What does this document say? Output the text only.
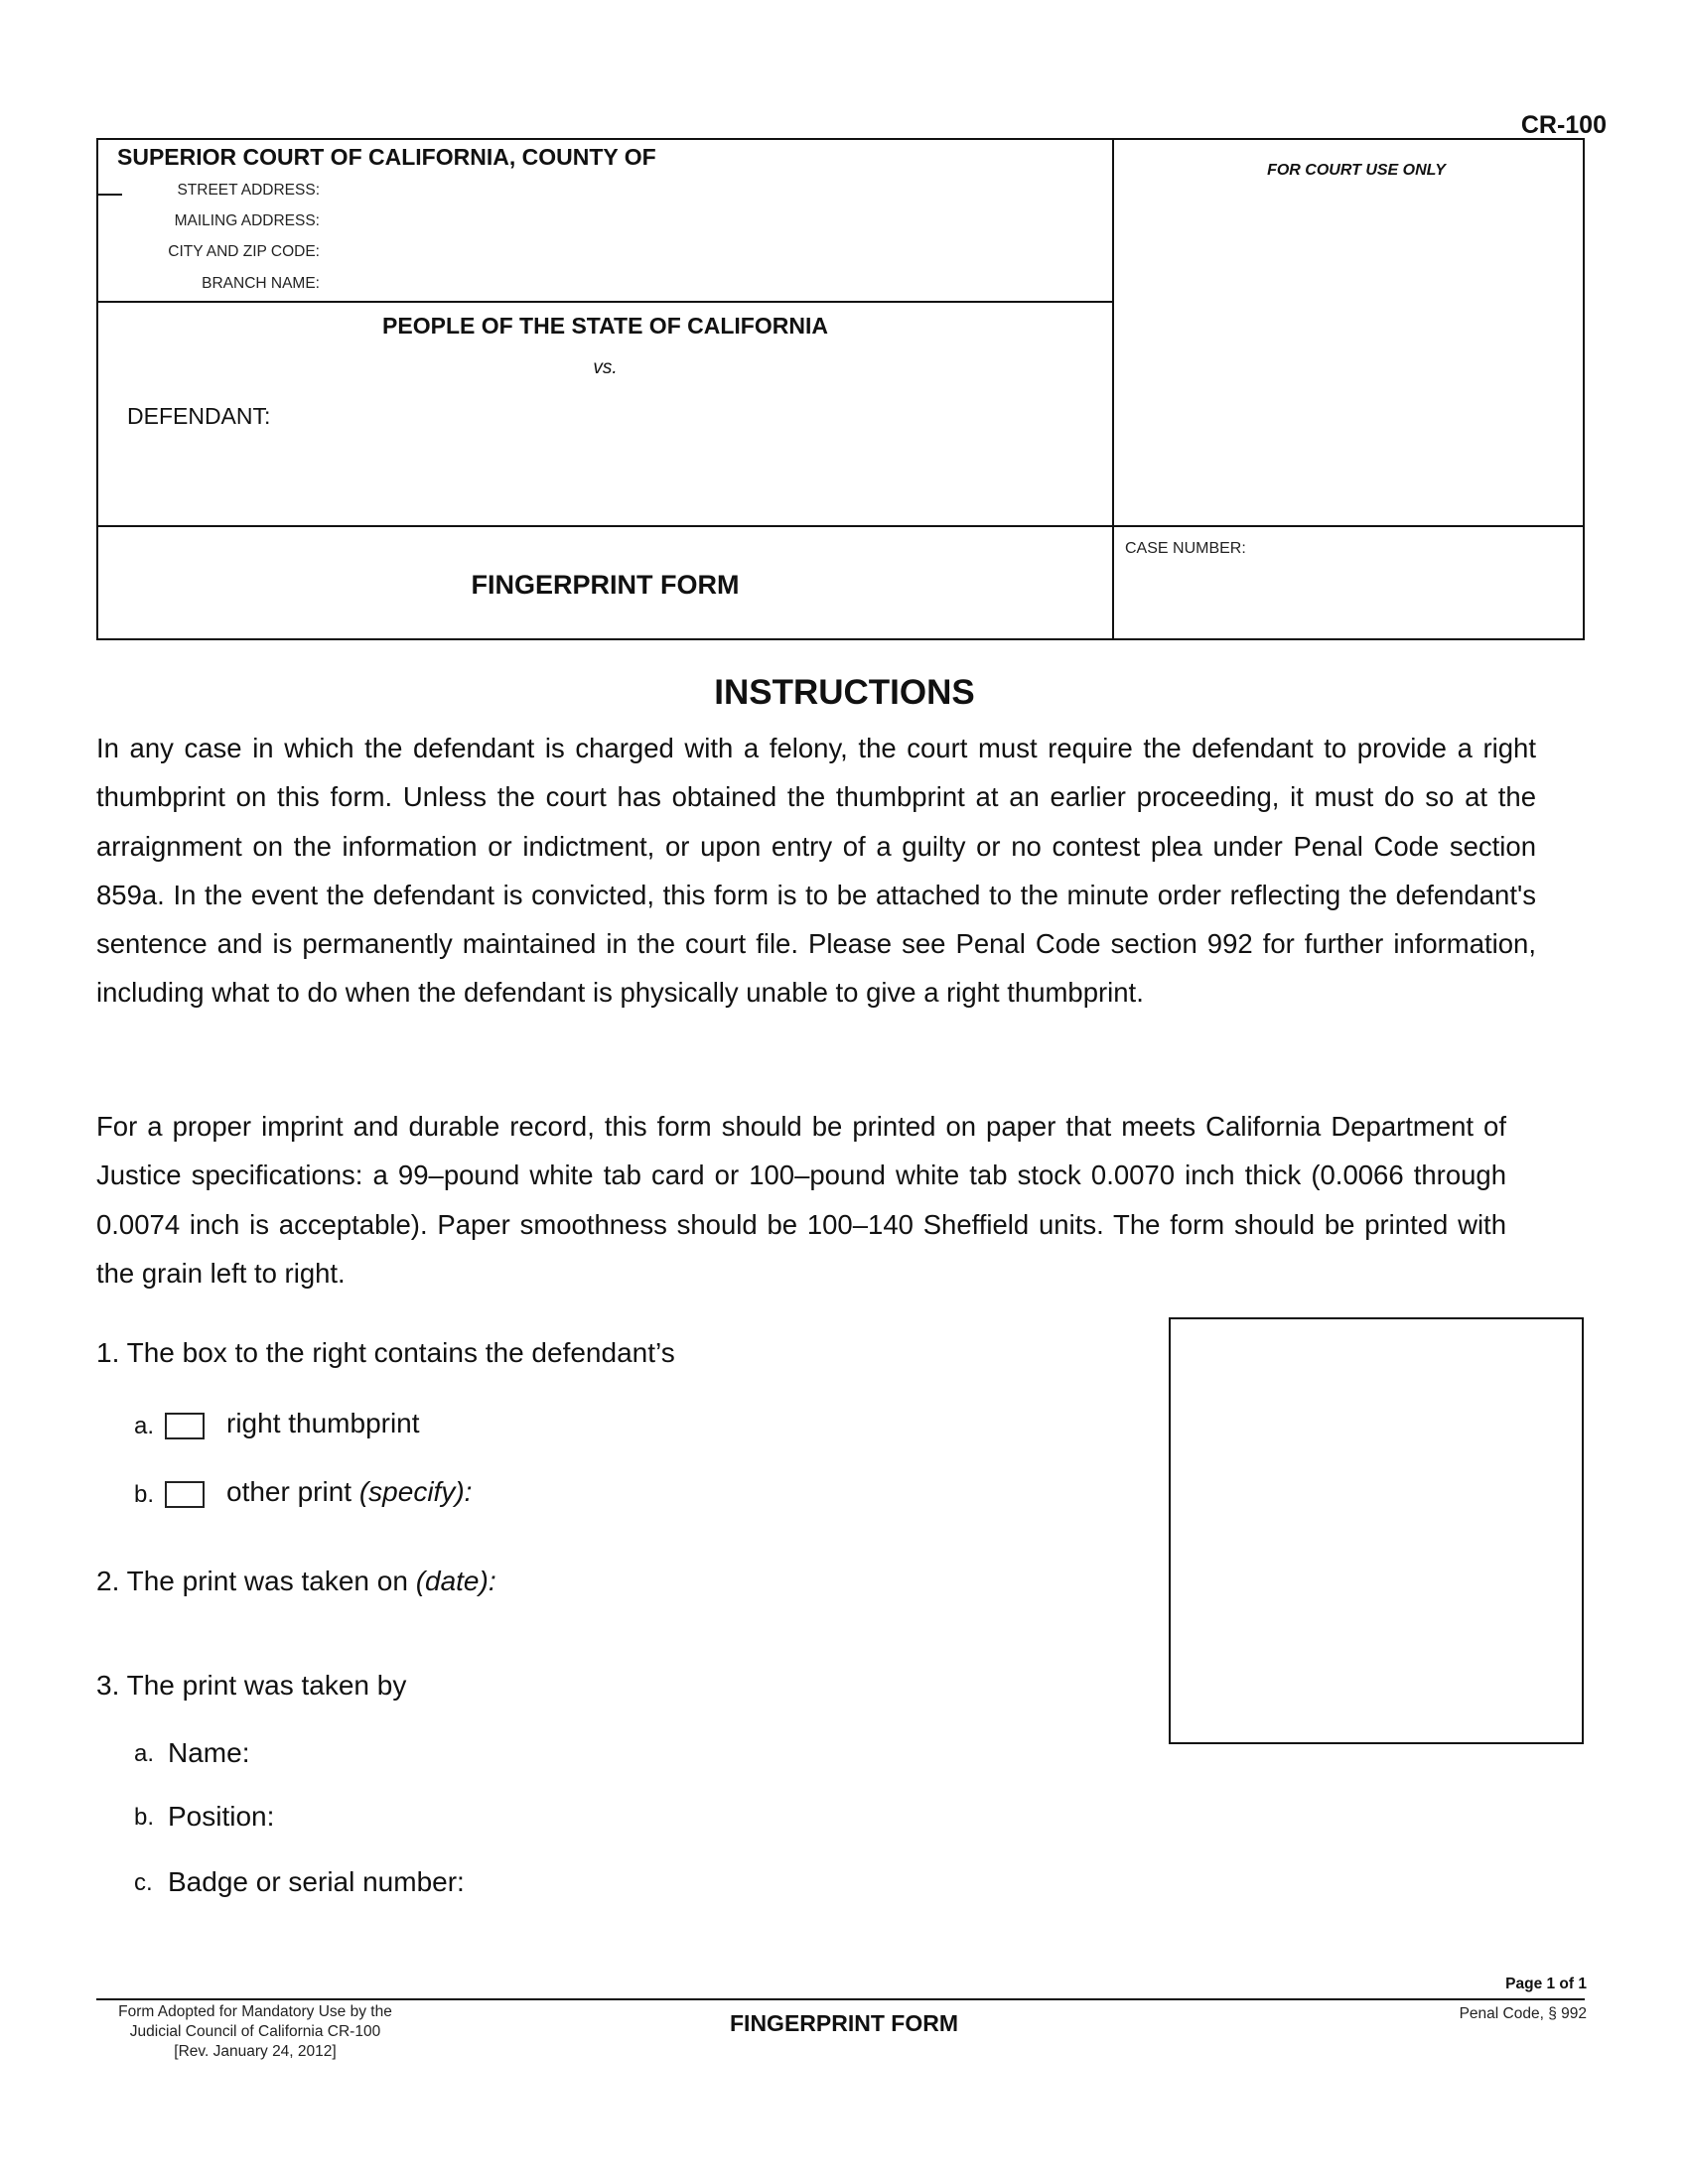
CR-100
SUPERIOR COURT OF CALIFORNIA, COUNTY OF
STREET ADDRESS:
MAILING ADDRESS:
CITY AND ZIP CODE:
BRANCH NAME:
FOR COURT USE ONLY
PEOPLE OF THE STATE OF CALIFORNIA
vs.
DEFENDANT:
CASE NUMBER:
FINGERPRINT FORM
INSTRUCTIONS
In any case in which the defendant is charged with a felony, the court must require the defendant to provide a right thumbprint on this form. Unless the court has obtained the thumbprint at an earlier proceeding, it must do so at the arraignment on the information or indictment, or upon entry of a guilty or no contest plea under Penal Code section 859a. In the event the defendant is convicted, this form is to be attached to the minute order reflecting the defendant's sentence and is permanently maintained in the court file. Please see Penal Code section 992 for further information, including what to do when the defendant is physically unable to give a right thumbprint.
For a proper imprint and durable record, this form should be printed on paper that meets California Department of Justice specifications: a 99–pound white tab card or 100–pound white tab stock 0.0070 inch thick (0.0066 through 0.0074 inch is acceptable). Paper smoothness should be 100–140 Sheffield units. The form should be printed with the grain left to right.
1. The box to the right contains the defendant’s
a.	right thumbprint
b.	other print (specify):
2. The print was taken on (date):
3. The print was taken by
a. Name:
b. Position:
c. Badge or serial number:
Page 1 of 1
Form Adopted for Mandatory Use by the
Judicial Council of California CR-100
[Rev. January 24, 2012]
FINGERPRINT FORM	Penal Code, § 992
